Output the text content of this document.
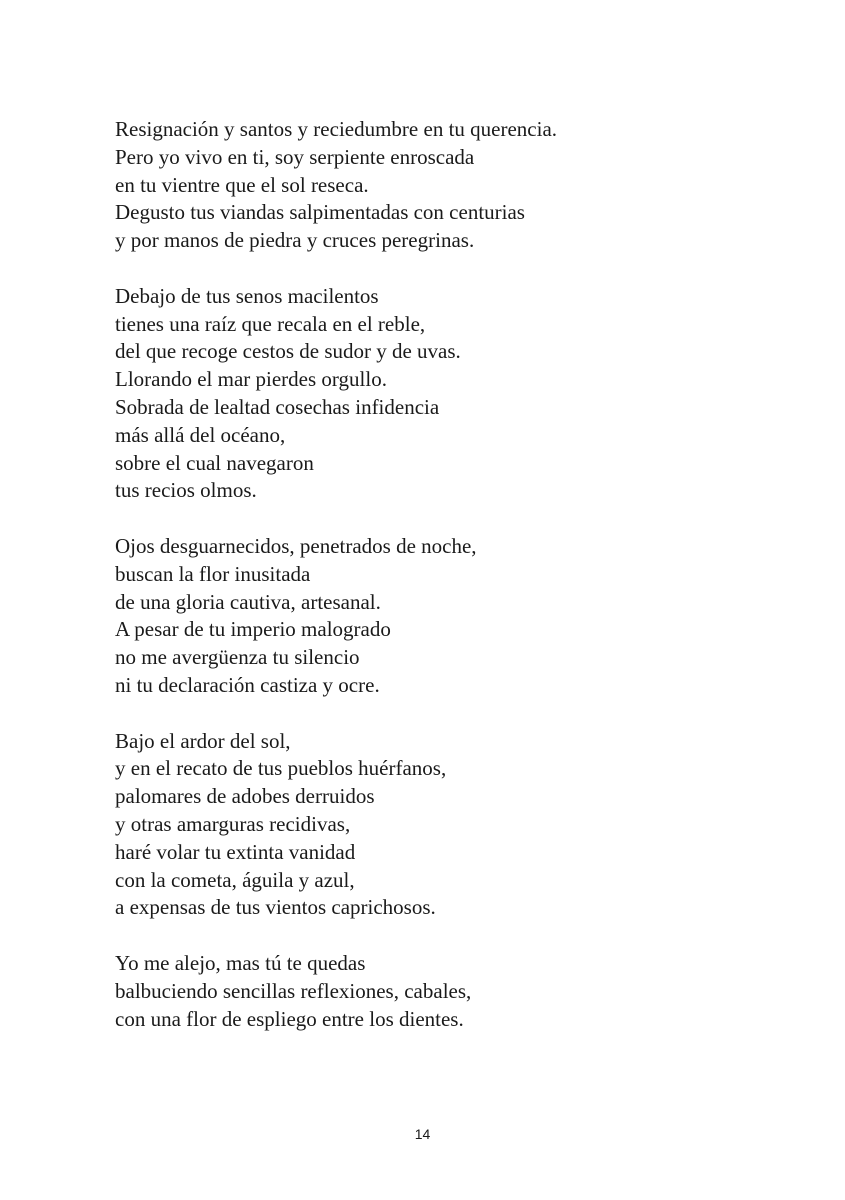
Resignación y santos y reciedumbre en tu querencia.
Pero yo vivo en ti, soy serpiente enroscada
en tu vientre que el sol reseca.
Degusto tus viandas salpimentadas con centurias
y por manos de piedra y cruces peregrinas.
Debajo de tus senos macilentos
tienes una raíz que recala en el reble,
del que recoge cestos de sudor y de uvas.
Llorando el mar pierdes orgullo.
Sobrada de lealtad cosechas infidencia
más allá del océano,
sobre el cual navegaron
tus recios olmos.
Ojos desguarnecidos, penetrados de noche,
buscan la flor inusitada
de una gloria cautiva, artesanal.
A pesar de tu imperio malogrado
no me avergüenza tu silencio
ni tu declaración castiza y ocre.
Bajo el ardor del sol,
y en el recato de tus pueblos huérfanos,
palomares de adobes derruidos
y otras amarguras recidivas,
haré volar tu extinta vanidad
con la cometa, águila y azul,
a expensas de tus vientos caprichosos.
Yo me alejo, mas tú te quedas
balbuciendo sencillas reflexiones, cabales,
con una flor de espliego entre los dientes.
14
